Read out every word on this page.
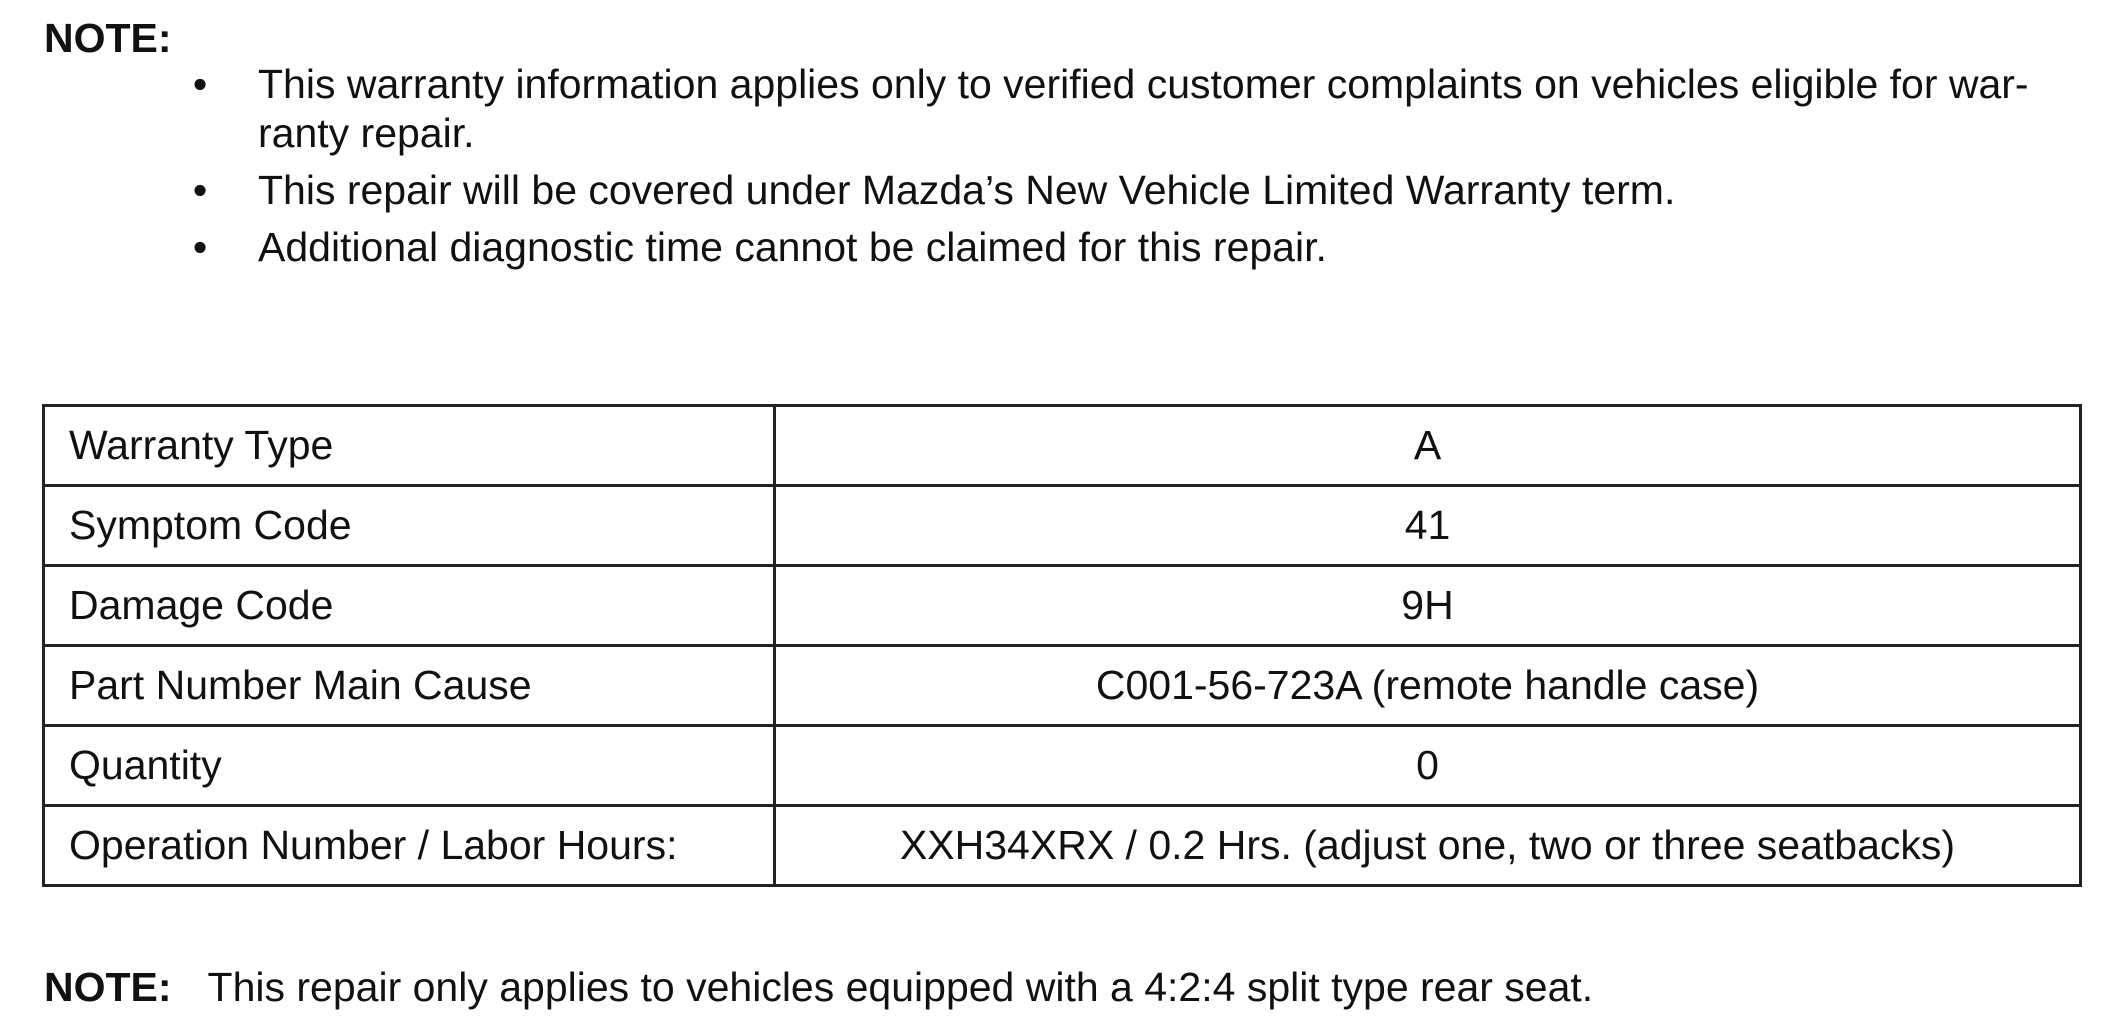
NOTE:
• This warranty information applies only to verified customer complaints on vehicles eligible for war-ranty repair.
• This repair will be covered under Mazda’s New Vehicle Limited Warranty term.
• Additional diagnostic time cannot be claimed for this repair.
Warranty Type	A
Symptom Code	41
Damage Code	9H
Part Number Main Cause	C001-56-723A (remote handle case)
Quantity	0
Operation Number / Labor Hours:	XXH34XRX / 0.2 Hrs. (adjust one, two or three seatbacks)
NOTE: This repair only applies to vehicles equipped with a 4:2:4 split type rear seat.
